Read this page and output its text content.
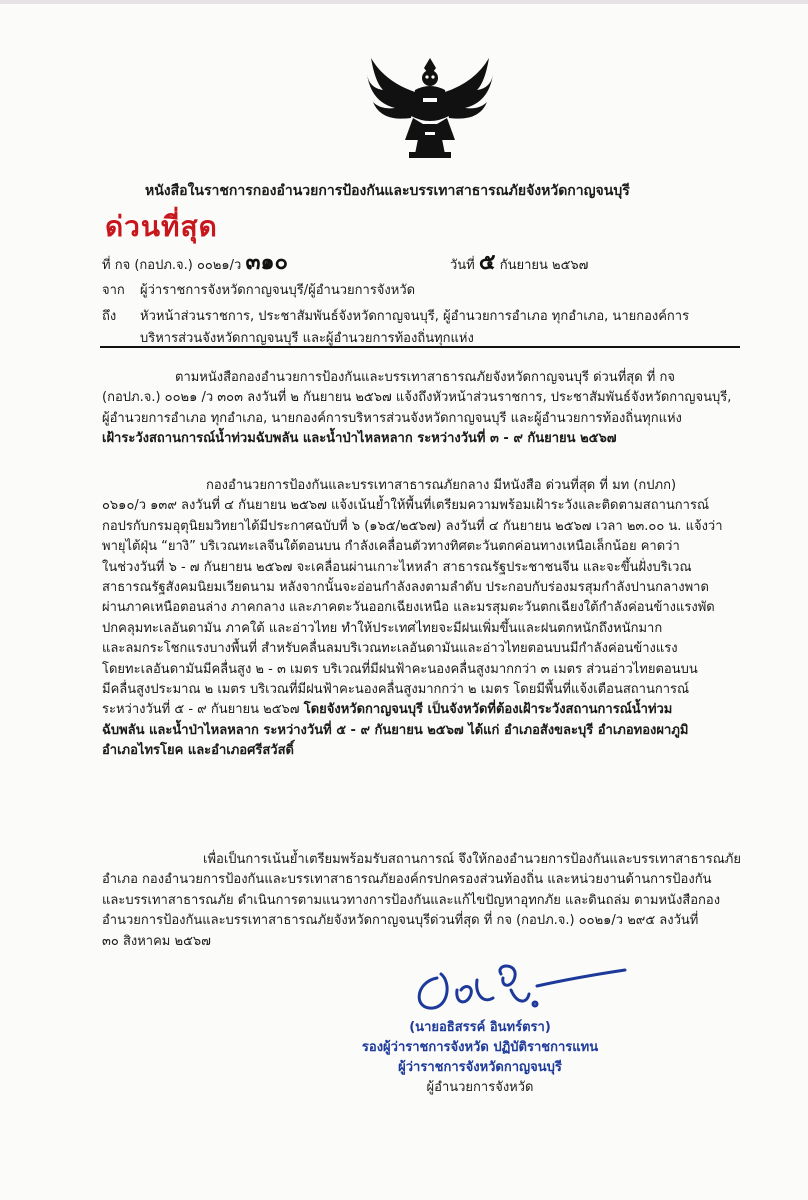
หนังสือในราชการกองอำนวยการป้องกันและบรรเทาสาธารณภัยจังหวัดกาญจนบุรี
ด่วนที่สุด
ที่ กจ (กอปภ.จ.) ๐๐๒๑/ว ๓๑๐	วันที่ ๕ กันยายน ๒๕๖๗
จาก ผู้ว่าราชการจังหวัดกาญจนบุรี/ผู้อำนวยการจังหวัด
ถึง หัวหน้าส่วนราชการ, ประชาสัมพันธ์จังหวัดกาญจนบุรี, ผู้อำนวยการอำเภอ ทุกอำเภอ, นายกองค์การ
บริหารส่วนจังหวัดกาญจนบุรี และผู้อำนวยการท้องถิ่นทุกแห่ง
ตามหนังสือกองอำนวยการป้องกันและบรรเทาสาธารณภัยจังหวัดกาญจนบุรี ด่วนที่สุด ที่ กจ
(กอปภ.จ.) ๐๐๒๑ /ว ๓๐๓ ลงวันที่ ๒ กันยายน ๒๕๖๗ แจ้งถึงหัวหน้าส่วนราชการ, ประชาสัมพันธ์จังหวัดกาญจนบุรี,
ผู้อำนวยการอำเภอ ทุกอำเภอ, นายกองค์การบริหารส่วนจังหวัดกาญจนบุรี และผู้อำนวยการท้องถิ่นทุกแห่ง
เฝ้าระวังสถานการณ์น้ำท่วมฉับพลัน และน้ำป่าไหลหลาก ระหว่างวันที่ ๓ - ๙ กันยายน ๒๕๖๗
กองอำนวยการป้องกันและบรรเทาสาธารณภัยกลาง มีหนังสือ ด่วนที่สุด ที่ มท (กปภก)
๐๖๑๐/ว ๑๓๙ ลงวันที่ ๔ กันยายน ๒๕๖๗ แจ้งเน้นย้ำให้พื้นที่เตรียมความพร้อมเฝ้าระวังและติดตามสถานการณ์
กอปรกับกรมอุตุนิยมวิทยาได้มีประกาศฉบับที่ ๖ (๑๖๕/๒๕๖๗) ลงวันที่ ๔ กันยายน ๒๕๖๗ เวลา ๒๓.๐๐ น. แจ้งว่า
พายุไต้ฝุ่น “ยางิ” บริเวณทะเลจีนใต้ตอนบน กำลังเคลื่อนตัวทางทิศตะวันตกค่อนทางเหนือเล็กน้อย คาดว่า
ในช่วงวันที่ ๖ - ๗ กันยายน ๒๕๖๗ จะเคลื่อนผ่านเกาะไหหลำ สาธารณรัฐประชาชนจีน และจะขึ้นฝั่งบริเวณ
สาธารณรัฐสังคมนิยมเวียดนาม หลังจากนั้นจะอ่อนกำลังลงตามลำดับ ประกอบกับร่องมรสุมกำลังปานกลางพาด
ผ่านภาคเหนือตอนล่าง ภาคกลาง และภาคตะวันออกเฉียงเหนือ และมรสุมตะวันตกเฉียงใต้กำลังค่อนข้างแรงพัด
ปกคลุมทะเลอันดามัน ภาคใต้ และอ่าวไทย ทำให้ประเทศไทยจะมีฝนเพิ่มขึ้นและฝนตกหนักถึงหนักมาก
และลมกระโชกแรงบางพื้นที่ สำหรับคลื่นลมบริเวณทะเลอันดามันและอ่าวไทยตอนบนมีกำลังค่อนข้างแรง
โดยทะเลอันดามันมีคลื่นสูง ๒ - ๓ เมตร บริเวณที่มีฝนฟ้าคะนองคลื่นสูงมากกว่า ๓ เมตร ส่วนอ่าวไทยตอนบน
มีคลื่นสูงประมาณ ๒ เมตร บริเวณที่มีฝนฟ้าคะนองคลื่นสูงมากกว่า ๒ เมตร โดยมีพื้นที่แจ้งเตือนสถานการณ์
ระหว่างวันที่ ๕ - ๙ กันยายน ๒๕๖๗ โดยจังหวัดกาญจนบุรี เป็นจังหวัดที่ต้องเฝ้าระวังสถานการณ์น้ำท่วม
ฉับพลัน และน้ำป่าไหลหลาก ระหว่างวันที่ ๕ - ๙ กันยายน ๒๕๖๗ ได้แก่ อำเภอสังขละบุรี อำเภอทองผาภูมิ
อำเภอไทรโยค และอำเภอศรีสวัสดิ์
เพื่อเป็นการเน้นย้ำเตรียมพร้อมรับสถานการณ์ จึงให้กองอำนวยการป้องกันและบรรเทาสาธารณภัย
อำเภอ กองอำนวยการป้องกันและบรรเทาสาธารณภัยองค์กรปกครองส่วนท้องถิ่น และหน่วยงานด้านการป้องกัน
และบรรเทาสาธารณภัย ดำเนินการตามแนวทางการป้องกันและแก้ไขปัญหาอุทกภัย และดินถล่ม ตามหนังสือกอง
อำนวยการป้องกันและบรรเทาสาธารณภัยจังหวัดกาญจนบุรีด่วนที่สุด ที่ กจ (กอปภ.จ.) ๐๐๒๑/ว ๒๙๕ ลงวันที่
๓๐ สิงหาคม ๒๕๖๗
(นายอธิสรรค์ อินทร์ตรา)
รองผู้ว่าราชการจังหวัด ปฏิบัติราชการแทน
ผู้ว่าราชการจังหวัดกาญจนบุรี
ผู้อำนวยการจังหวัด
